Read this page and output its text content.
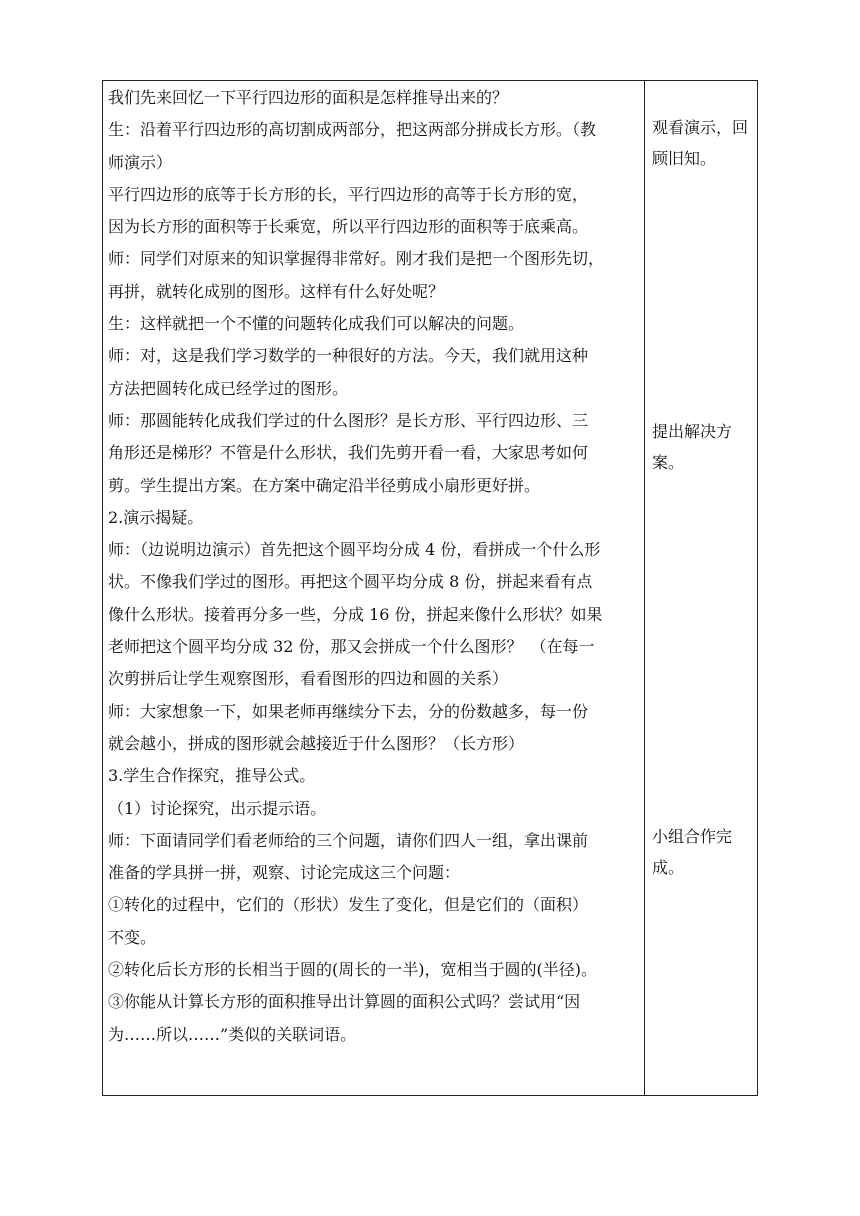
我们先来回忆一下平行四边形的面积是怎样推导出来的？

生：沿着平行四边形的高切割成两部分，把这两部分拼成长方形。（教

师演示）

平行四边形的底等于长方形的长，平行四边形的高等于长方形的宽，

因为长方形的面积等于长乘宽，所以平行四边形的面积等于底乘高。

师：同学们对原来的知识掌握得非常好。刚才我们是把一个图形先切，

再拼，就转化成别的图形。这样有什么好处呢？

生：这样就把一个不懂的问题转化成我们可以解决的问题。

师：对，这是我们学习数学的一种很好的方法。今天，我们就用这种

方法把圆转化成已经学过的图形。

师：那圆能转化成我们学过的什么图形？是长方形、平行四边形、三

角形还是梯形？不管是什么形状，我们先剪开看一看，大家思考如何

剪。学生提出方案。在方案中确定沿半径剪成小扇形更好拼。

2.演示揭疑。

师：（边说明边演示）首先把这个圆平均分成 4 份，看拼成一个什么形

状。不像我们学过的图形。再把这个圆平均分成 8 份，拼起来看有点

像什么形状。接着再分多一些，分成 16 份，拼起来像什么形状？如果

老师把这个圆平均分成 32 份，那又会拼成一个什么图形？　（在每一

次剪拼后让学生观察图形，看看图形的四边和圆的关系）

师：大家想象一下，如果老师再继续分下去，分的份数越多，每一份

就会越小，拼成的图形就会越接近于什么图形？（长方形）

3.学生合作探究，推导公式。

（1）讨论探究，出示提示语。

师：下面请同学们看老师给的三个问题，请你们四人一组，拿出课前

准备的学具拼一拼，观察、讨论完成这三个问题：

①转化的过程中，它们的（形状）发生了变化，但是它们的（面积）

不变。

②转化后长方形的长相当于圆的(周长的一半)，宽相当于圆的(半径)。

③你能从计算长方形的面积推导出计算圆的面积公式吗？尝试用“因

为……所以……”类似的关联词语。

观看演示，回

顾旧知。

提出解决方

案。

小组合作完

成。
